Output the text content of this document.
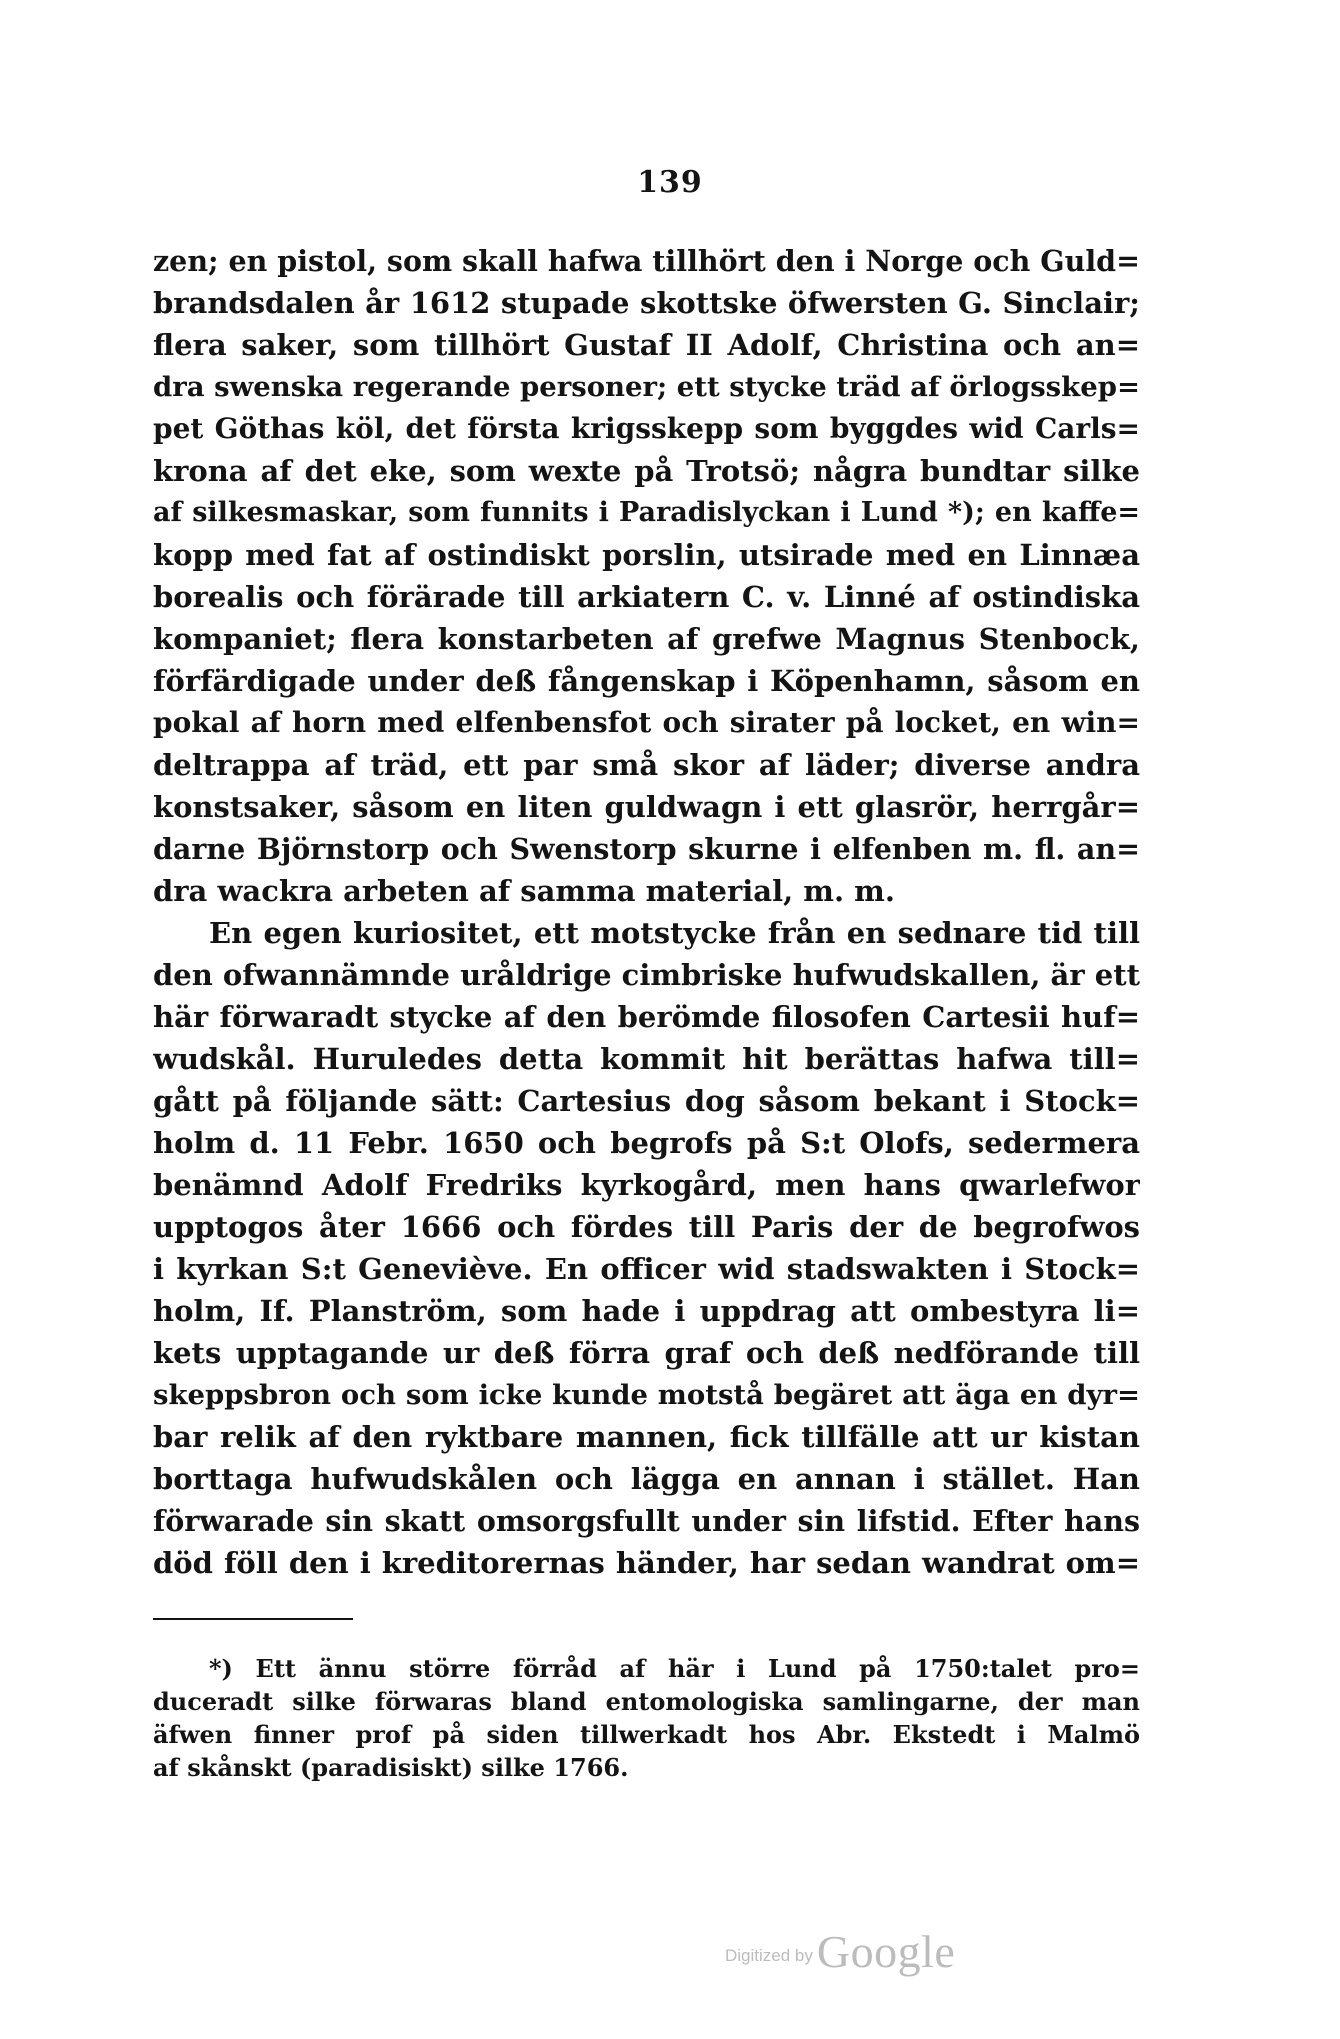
139
zen; en pistol, som skall hafwa tillhört den i Norge och Guld=
brandsdalen år 1612 stupade skottske öfwersten G. Sinclair;
flera saker, som tillhört Gustaf II Adolf, Christina och an=
dra swenska regerande personer; ett stycke träd af örlogsskep=
pet Göthas köl, det första krigsskepp som byggdes wid Carls=
krona af det eke, som wexte på Trotsö; några bundtar silke
af silkesmaskar, som funnits i Paradislyckan i Lund *); en kaffe=
kopp med fat af ostindiskt porslin, utsirade med en Linnæa
borealis och förärade till arkiatern C. v. Linné af ostindiska
kompaniet; flera konstarbeten af grefwe Magnus Stenbock,
förfärdigade under deß fångenskap i Köpenhamn, såsom en
pokal af horn med elfenbensfot och sirater på locket, en win=
deltrappa af träd, ett par små skor af läder; diverse andra
konstsaker, såsom en liten guldwagn i ett glasrör, herrgår=
darne Björnstorp och Swenstorp skurne i elfenben m. fl. an=
dra wackra arbeten af samma material, m. m.
En egen kuriositet, ett motstycke från en sednare tid till
den ofwannämnde uråldrige cimbriske hufwudskallen, är ett
här förwaradt stycke af den berömde filosofen Cartesii huf=
wudskål. Huruledes detta kommit hit berättas hafwa till=
gått på följande sätt: Cartesius dog såsom bekant i Stock=
holm d. 11 Febr. 1650 och begrofs på S:t Olofs, sedermera
benämnd Adolf Fredriks kyrkogård, men hans qwarlefwor
upptogos åter 1666 och fördes till Paris der de begrofwos
i kyrkan S:t Geneviève. En officer wid stadswakten i Stock=
holm, If. Planström, som hade i uppdrag att ombestyra li=
kets upptagande ur deß förra graf och deß nedförande till
skeppsbron och som icke kunde motstå begäret att äga en dyr=
bar relik af den ryktbare mannen, fick tillfälle att ur kistan
borttaga hufwudskålen och lägga en annan i stället. Han
förwarade sin skatt omsorgsfullt under sin lifstid. Efter hans
död föll den i kreditorernas händer, har sedan wandrat om=
*) Ett ännu större förråd af här i Lund på 1750:talet pro=
duceradt silke förwaras bland entomologiska samlingarne, der man
äfwen finner prof på siden tillwerkadt hos Abr. Ekstedt i Malmö
af skånskt (paradisiskt) silke 1766.
Digitized by Google
